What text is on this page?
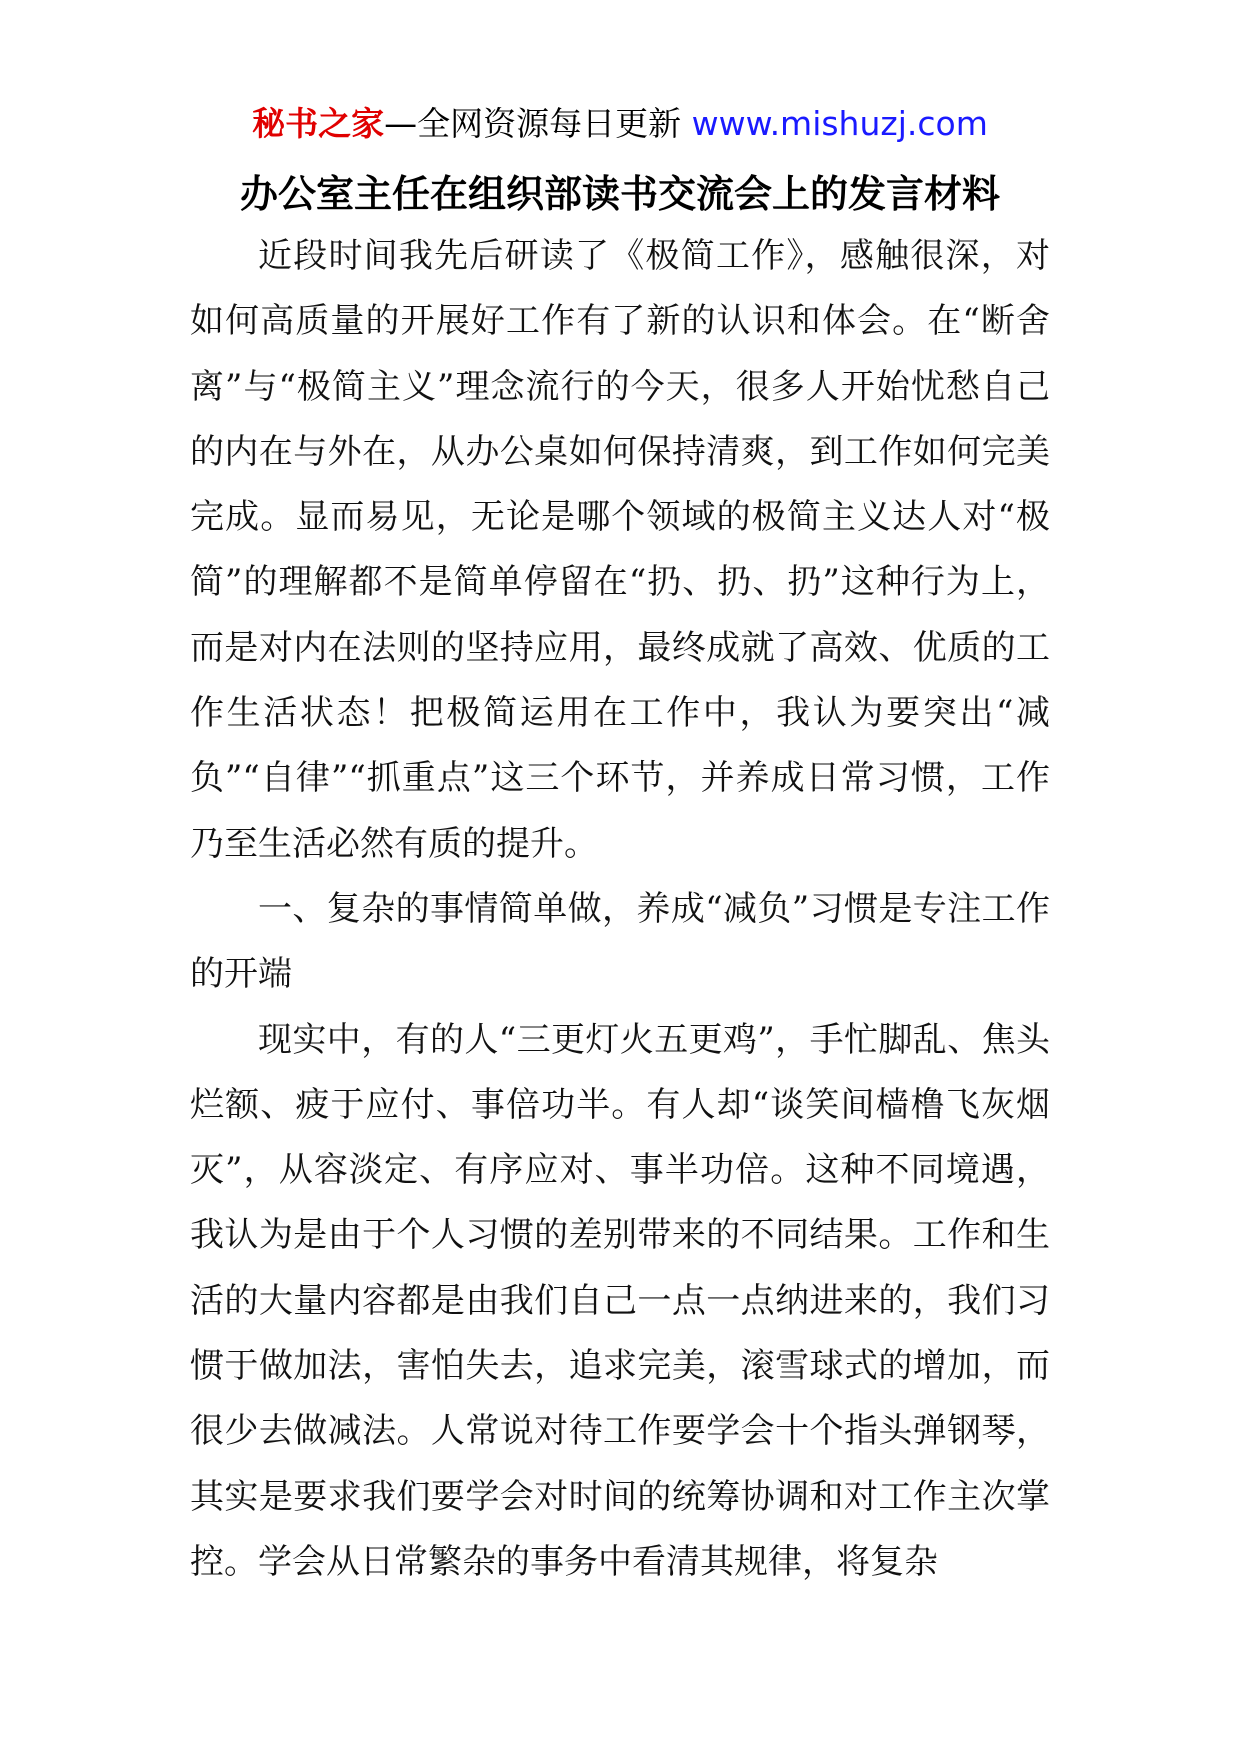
秘书之家—全网资源每日更新 www.mishuzj.com
办公室主任在组织部读书交流会上的发言材料

近段时间我先后研读了《极简工作》，感触很深，对如何高质量的开展好工作有了新的认识和体会。在“断舍离”与“极简主义”理念流行的今天，很多人开始忧愁自己的内在与外在，从办公桌如何保持清爽，到工作如何完美完成。显而易见，无论是哪个领域的极简主义达人对“极简”的理解都不是简单停留在“扔、扔、扔”这种行为上，而是对内在法则的坚持应用，最终成就了高效、优质的工作生活状态！把极简运用在工作中，我认为要突出“减负”“自律”“抓重点”这三个环节，并养成日常习惯，工作乃至生活必然有质的提升。

一、复杂的事情简单做，养成“减负”习惯是专注工作的开端

现实中，有的人“三更灯火五更鸡”，手忙脚乱、焦头烂额、疲于应付、事倍功半。有人却“谈笑间樯橹飞灰烟灭”，从容淡定、有序应对、事半功倍。这种不同境遇，我认为是由于个人习惯的差别带来的不同结果。工作和生活的大量内容都是由我们自己一点一点纳进来的，我们习惯于做加法，害怕失去，追求完美，滚雪球式的增加，而很少去做减法。人常说对待工作要学会十个指头弹钢琴，其实是要求我们要学会对时间的统筹协调和对工作主次掌控。学会从日常繁杂的事务中看清其规律，将复杂
